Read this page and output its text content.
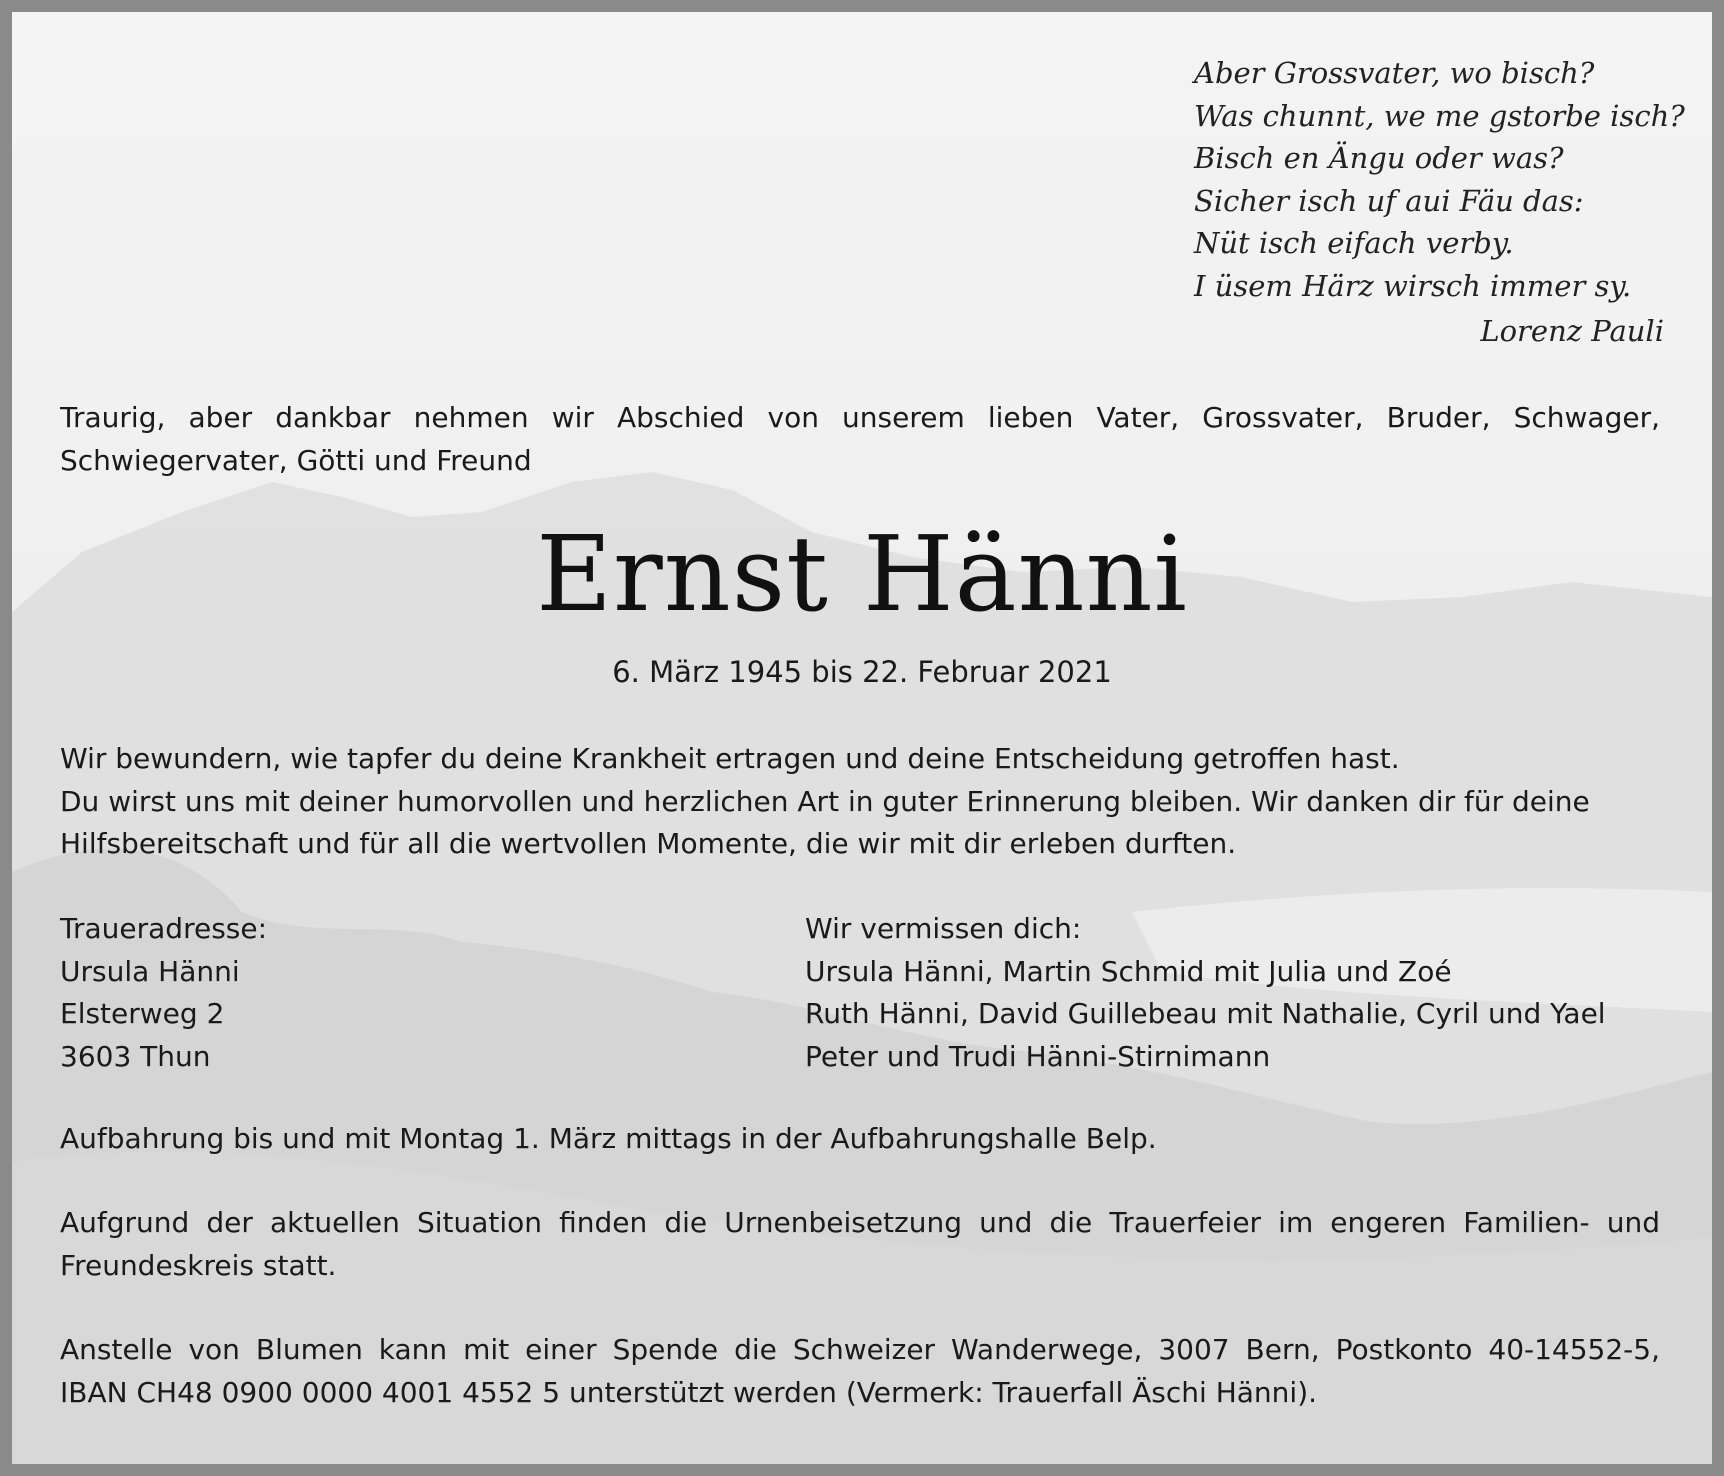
Aber Grossvater, wo bisch?
Was chunnt, we me gstorbe isch?
Bisch en Ängu oder was?
Sicher isch uf aui Fäu das:
Nüt isch eifach verby.
I üsem Härz wirsch immer sy.
Lorenz Pauli
Traurig, aber dankbar nehmen wir Abschied von unserem lieben Vater, Grossvater, Bruder, Schwager,
Schwiegervater, Götti und Freund
Ernst Hänni
6. März 1945 bis 22. Februar 2021
Wir bewundern, wie tapfer du deine Krankheit ertragen und deine Entscheidung getroffen hast.
Du wirst uns mit deiner humorvollen und herzlichen Art in guter Erinnerung bleiben. Wir danken dir für deine
Hilfsbereitschaft und für all die wertvollen Momente, die wir mit dir erleben durften.
Traueradresse:
Ursula Hänni
Elsterweg 2
3603 Thun
Wir vermissen dich:
Ursula Hänni, Martin Schmid mit Julia und Zoé
Ruth Hänni, David Guillebeau mit Nathalie, Cyril und Yael
Peter und Trudi Hänni-Stirnimann
Aufbahrung bis und mit Montag 1. März mittags in der Aufbahrungshalle Belp.
Aufgrund der aktuellen Situation finden die Urnenbeisetzung und die Trauerfeier im engeren Familien- und
Freundeskreis statt.
Anstelle von Blumen kann mit einer Spende die Schweizer Wanderwege, 3007 Bern, Postkonto 40-14552-5,
IBAN CH48 0900 0000 4001 4552 5 unterstützt werden (Vermerk: Trauerfall Äschi Hänni).
